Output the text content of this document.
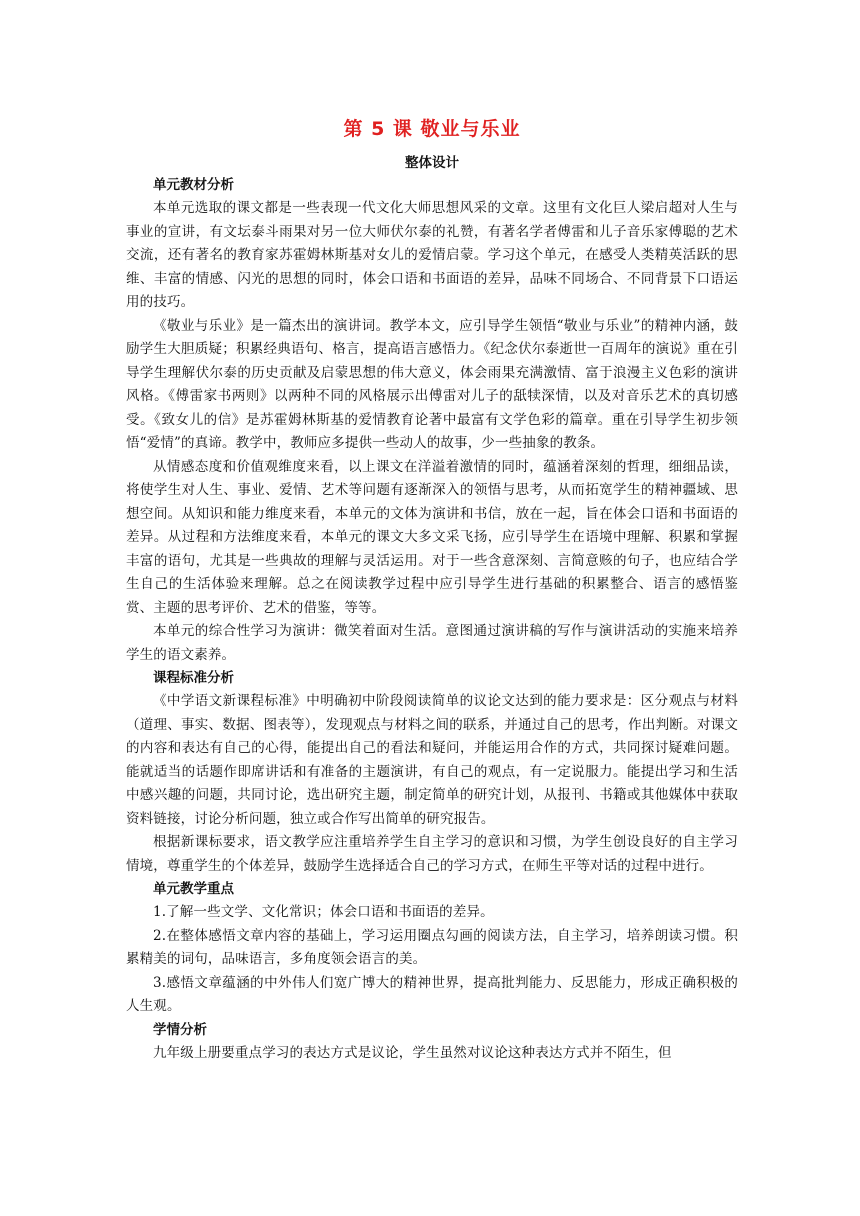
第 5 课 敬业与乐业
整体设计
单元教材分析

本单元选取的课文都是一些表现一代文化大师思想风采的文章。这里有文化巨人梁启超对人生与事业的宣讲，有文坛泰斗雨果对另一位大师伏尔泰的礼赞，有著名学者傅雷和儿子音乐家傅聪的艺术交流，还有著名的教育家苏霍姆林斯基对女儿的爱情启蒙。学习这个单元，在感受人类精英活跃的思维、丰富的情感、闪光的思想的同时，体会口语和书面语的差异，品味不同场合、不同背景下口语运用的技巧。

《敬业与乐业》是一篇杰出的演讲词。教学本文，应引导学生领悟“敬业与乐业”的精神内涵，鼓励学生大胆质疑；积累经典语句、格言，提高语言感悟力。《纪念伏尔泰逝世一百周年的演说》重在引导学生理解伏尔泰的历史贡献及启蒙思想的伟大意义，体会雨果充满激情、富于浪漫主义色彩的演讲风格。《傅雷家书两则》以两种不同的风格展示出傅雷对儿子的舐犊深情，以及对音乐艺术的真切感受。《致女儿的信》是苏霍姆林斯基的爱情教育论著中最富有文学色彩的篇章。重在引导学生初步领悟“爱情”的真谛。教学中，教师应多提供一些动人的故事，少一些抽象的教条。

从情感态度和价值观维度来看，以上课文在洋溢着激情的同时，蕴涵着深刻的哲理，细细品读，将使学生对人生、事业、爱情、艺术等问题有逐渐深入的领悟与思考，从而拓宽学生的精神疆域、思想空间。从知识和能力维度来看，本单元的文体为演讲和书信，放在一起，旨在体会口语和书面语的差异。从过程和方法维度来看，本单元的课文大多文采飞扬，应引导学生在语境中理解、积累和掌握丰富的语句，尤其是一些典故的理解与灵活运用。对于一些含意深刻、言简意赅的句子，也应结合学生自己的生活体验来理解。总之在阅读教学过程中应引导学生进行基础的积累整合、语言的感悟鉴赏、主题的思考评价、艺术的借鉴，等等。

本单元的综合性学习为演讲：微笑着面对生活。意图通过演讲稿的写作与演讲活动的实施来培养学生的语文素养。

课程标准分析

《中学语文新课程标准》中明确初中阶段阅读简单的议论文达到的能力要求是：区分观点与材料（道理、事实、数据、图表等），发现观点与材料之间的联系，并通过自己的思考，作出判断。对课文的内容和表达有自己的心得，能提出自己的看法和疑问，并能运用合作的方式，共同探讨疑难问题。能就适当的话题作即席讲话和有准备的主题演讲，有自己的观点，有一定说服力。能提出学习和生活中感兴趣的问题，共同讨论，选出研究主题，制定简单的研究计划，从报刊、书籍或其他媒体中获取资料链接，讨论分析问题，独立或合作写出简单的研究报告。

根据新课标要求，语文教学应注重培养学生自主学习的意识和习惯，为学生创设良好的自主学习情境，尊重学生的个体差异，鼓励学生选择适合自己的学习方式，在师生平等对话的过程中进行。

单元教学重点

1.了解一些文学、文化常识；体会口语和书面语的差异。

2.在整体感悟文章内容的基础上，学习运用圈点勾画的阅读方法，自主学习，培养朗读习惯。积累精美的词句，品味语言，多角度领会语言的美。

3.感悟文章蕴涵的中外伟人们宽广博大的精神世界，提高批判能力、反思能力，形成正确积极的人生观。

学情分析

九年级上册要重点学习的表达方式是议论，学生虽然对议论这种表达方式并不陌生，但
